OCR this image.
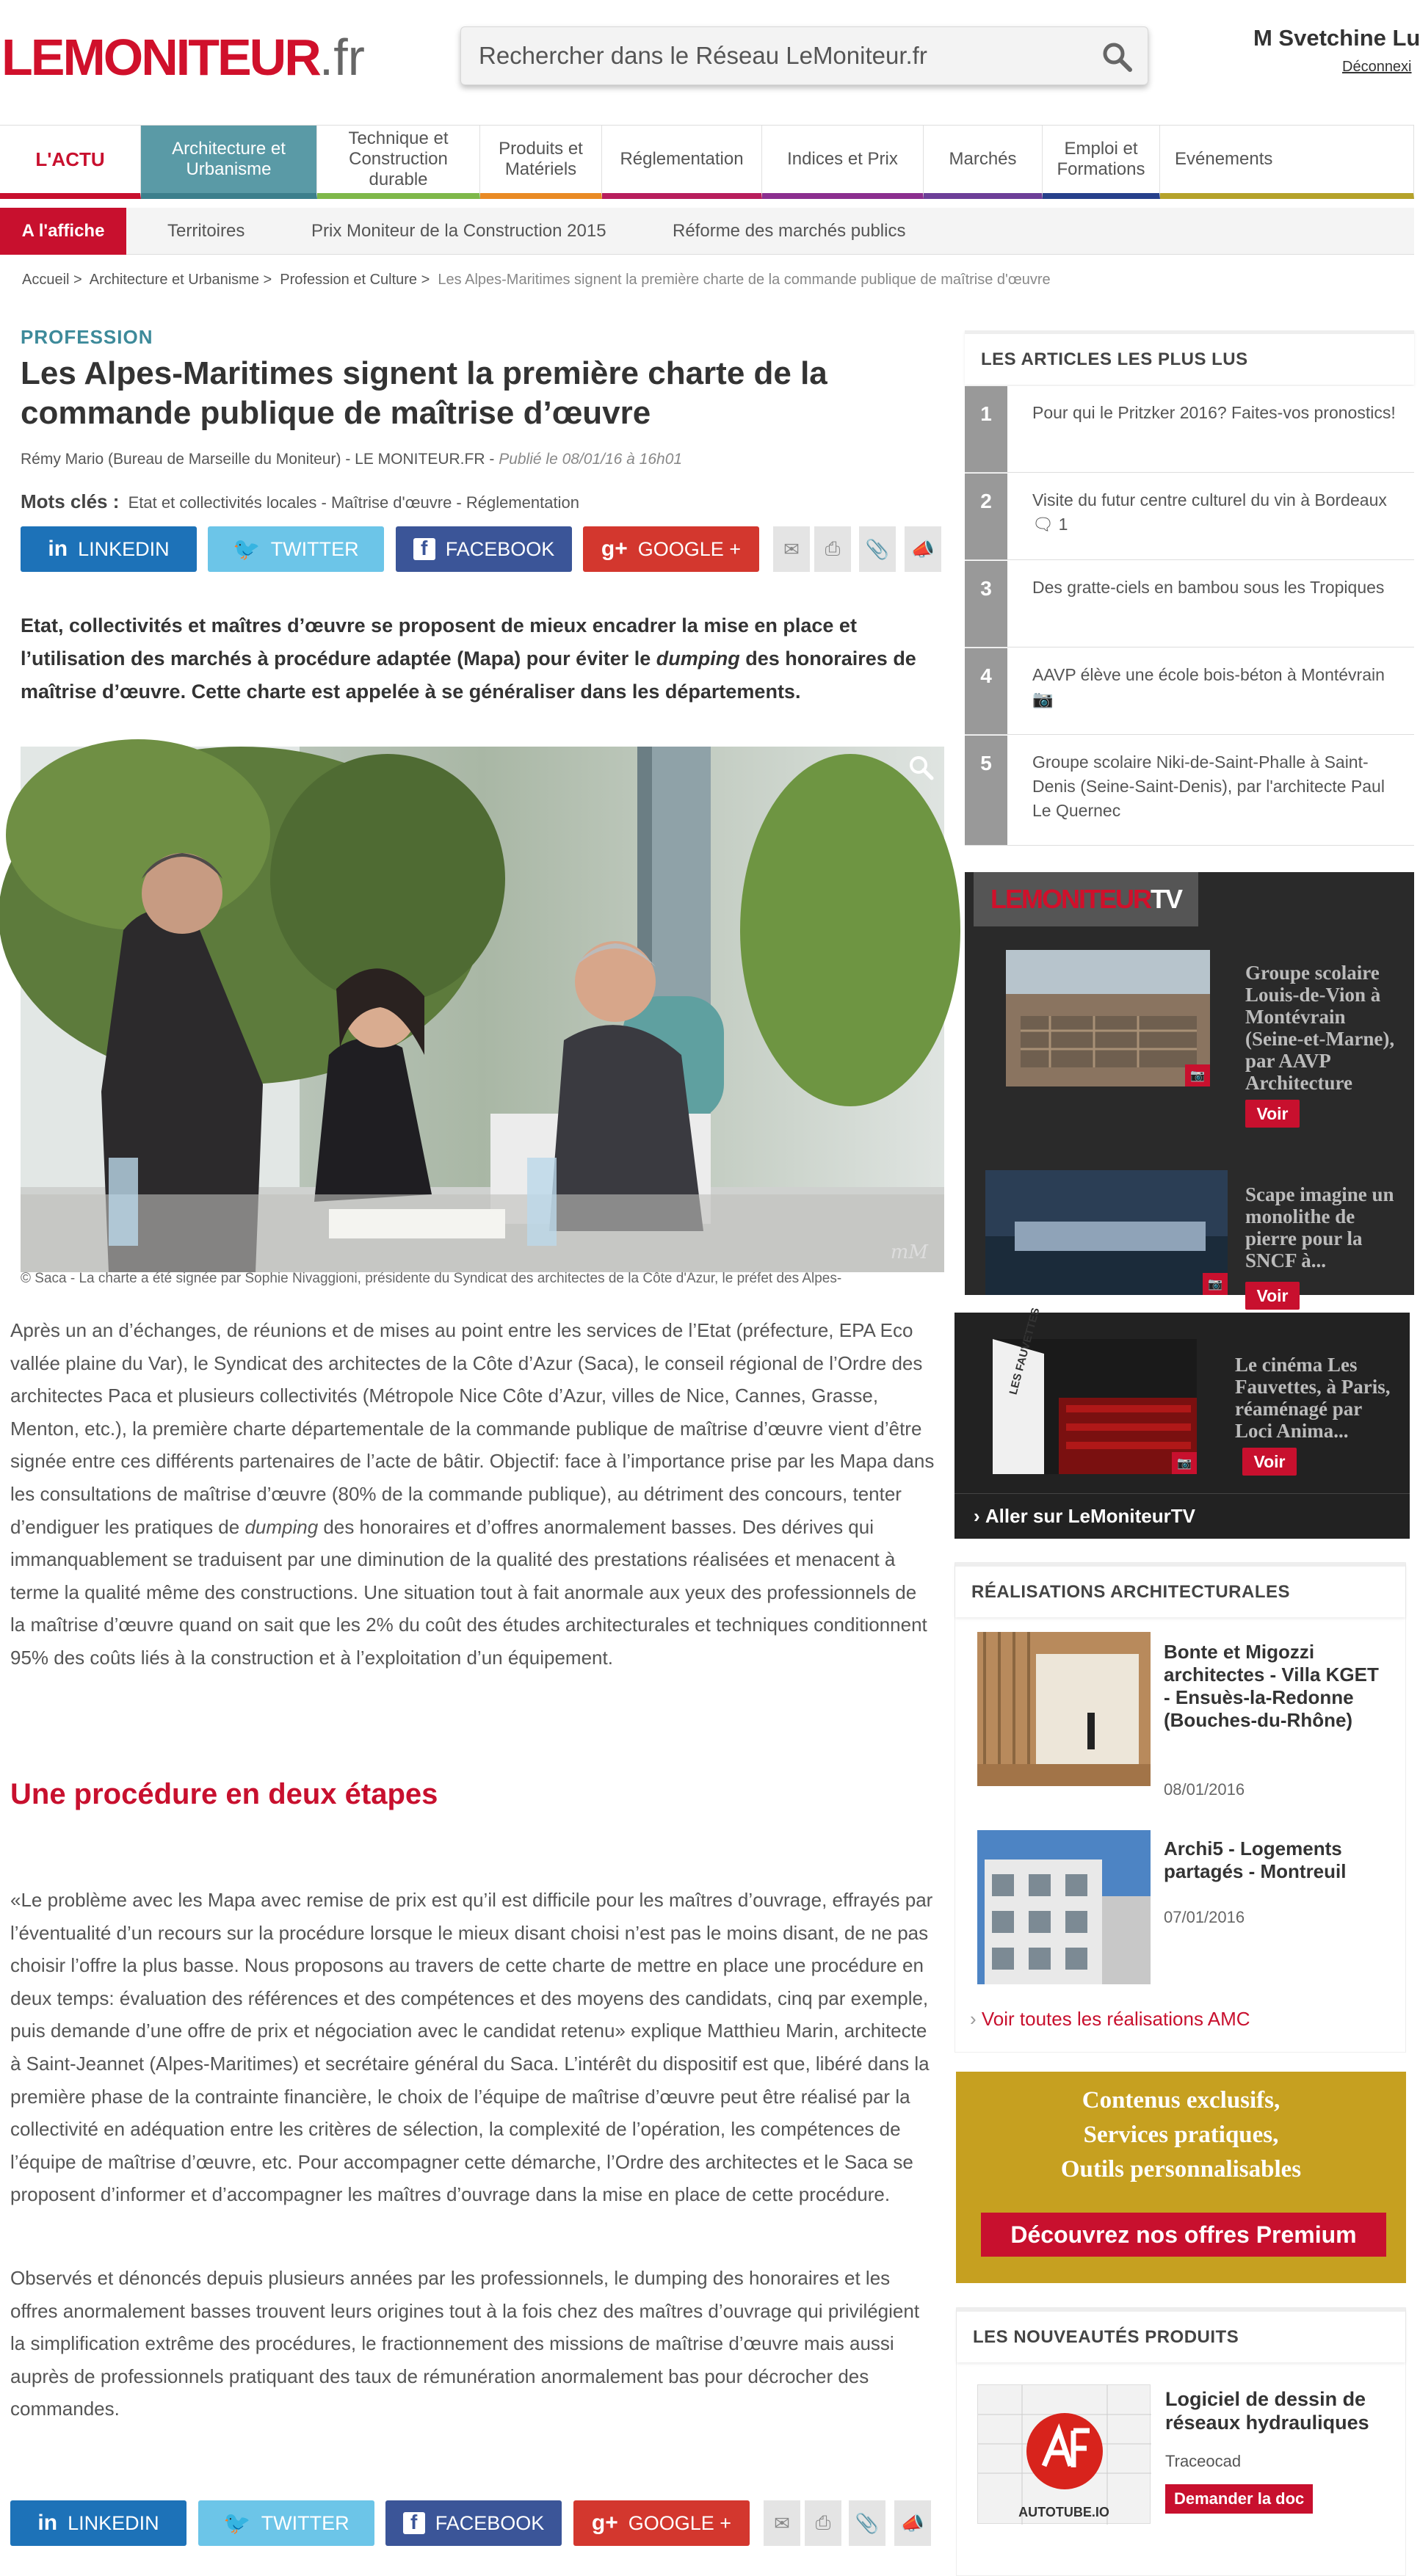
LEMONITEUR.fr
Rechercher dans le Réseau LeMoniteur.fr	M Svetchine Lu
Déconnexi
L'ACTU	Architecture et Urbanisme
Technique et Construction durable
Produits et Matériels
Réglementation	Indices et Prix	Marchés
Emploi et Formations
Evénements
A l'affiche	Territoires	Prix Moniteur de la Construction 2015	Réforme des marchés publics
Accueil >  Architecture et Urbanisme >  Profession et Culture >  Les Alpes-Maritimes signent la première charte de la commande publique de maîtrise d'œuvre
PROFESSION
Les Alpes-Maritimes signent la première charte de la commande publique de maîtrise d’œuvre
Rémy Mario (Bureau de Marseille du Moniteur) - LE MONITEUR.FR - Publié le 08/01/16 à 16h01
Mots clés : Etat et collectivités locales - Maîtrise d'œuvre - Réglementation
in LINKEDIN	🐦 TWITTER	f FACEBOOK g+ GOOGLE +	✉	⎙	📎	📣

Etat, collectivités et maîtres d’œuvre se proposent de mieux encadrer la mise en place et l’utilisation des marchés à procédure adaptée (Mapa) pour éviter le dumping des honoraires de maîtrise d’œuvre. Cette charte est appelée à se généraliser dans les départements.

mM
© Saca - La charte a été signée par Sophie Nivaggioni, présidente du Syndicat des architectes de la Côte d'Azur, le préfet des Alpes-

Après un an d’échanges, de réunions et de mises au point entre les services de l’Etat (préfecture, EPA Eco vallée plaine du Var), le Syndicat des architectes de la Côte d’Azur (Saca), le conseil régional de l’Ordre des architectes Paca et plusieurs collectivités (Métropole Nice Côte d’Azur, villes de Nice, Cannes, Grasse, Menton, etc.), la première charte départementale de la commande publique de maîtrise d’œuvre vient d’être signée entre ces différents partenaires de l’acte de bâtir. Objectif: face à l’importance prise par les Mapa dans les consultations de maîtrise d’œuvre (80% de la commande publique), au détriment des concours, tenter d’endiguer les pratiques de dumping des honoraires et d’offres anormalement basses. Des dérives qui immanquablement se traduisent par une diminution de la qualité des prestations réalisées et menacent à terme la qualité même des constructions. Une situation tout à fait anormale aux yeux des professionnels de la maîtrise d’œuvre quand on sait que les 2% du coût des études architecturales et techniques conditionnent 95% des coûts liés à la construction et à l’exploitation d’un équipement.

Une procédure en deux étapes

«Le problème avec les Mapa avec remise de prix est qu’il est difficile pour les maîtres d’ouvrage, effrayés par l’éventualité d’un recours sur la procédure lorsque le mieux disant choisi n’est pas le moins disant, de ne pas choisir l’offre la plus basse. Nous proposons au travers de cette charte de mettre en place une procédure en deux temps: évaluation des références et des compétences et des moyens des candidats, cinq par exemple, puis demande d’une offre de prix et négociation avec le candidat retenu» explique Matthieu Marin, architecte à Saint-Jeannet (Alpes-Maritimes) et secrétaire général du Saca. L’intérêt du dispositif est que, libéré dans la première phase de la contrainte financière, le choix de l’équipe de maîtrise d’œuvre peut être réalisé par la collectivité en adéquation entre les critères de sélection, la complexité de l’opération, les compétences de l’équipe de maîtrise d’œuvre, etc. Pour accompagner cette démarche, l’Ordre des architectes et le Saca se proposent d’informer et d’accompagner les maîtres d’ouvrage dans la mise en place de cette procédure.

Observés et dénoncés depuis plusieurs années par les professionnels, le dumping des honoraires et les offres anormalement basses trouvent leurs origines tout à la fois chez des maîtres d’ouvrage qui privilégient la simplification extrême des procédures, le fractionnement des missions de maîtrise d’œuvre mais aussi auprès de professionnels pratiquant des taux de rémunération anormalement bas pour décrocher des commandes.

in LINKEDIN	🐦 TWITTER	f FACEBOOK g+ GOOGLE +	✉	⎙	📎	📣
LES ARTICLES LES PLUS LUS
1	Pour qui le Pritzker 2016? Faites-vos pronostics!
2	Visite du futur centre culturel du vin à Bordeaux 🗨 1
3	Des gratte-ciels en bambou sous les Tropiques
4	AAVP élève une école bois-béton à Montévrain 📷
5	Groupe scolaire Niki-de-Saint-Phalle à Saint-Denis (Seine-Saint-Denis), par l'architecte Paul Le Quernec
📷
Groupe scolaire Louis-de-Vion à Montévrain (Seine-et-Marne), par AAVP Architecture
Voir
📷
Scape imagine un monolithe de pierre pour la SNCF à...
Voir
LEMONITEUR TV
LES FAUVETTES
📷
Le cinéma Les Fauvettes, à Paris, réaménagé par Loci Anima...
Voir
› Aller sur LeMoniteurTV
RÉALISATIONS ARCHITECTURALES
Bonte et Migozzi architectes - Villa KGET - Ensuès-la-Redonne (Bouches-du-Rhône)
08/01/2016
Archi5 - Logements partagés - Montreuil
07/01/2016
› Voir toutes les réalisations AMC
Contenus exclusifs,
Services pratiques,
Outils personnalisables
Découvrez nos offres Premium
LES NOUVEAUTÉS PRODUITS
AUTOTUBE.IO
Logiciel de dessin de réseaux hydrauliques
Traceocad
Demander la doc
